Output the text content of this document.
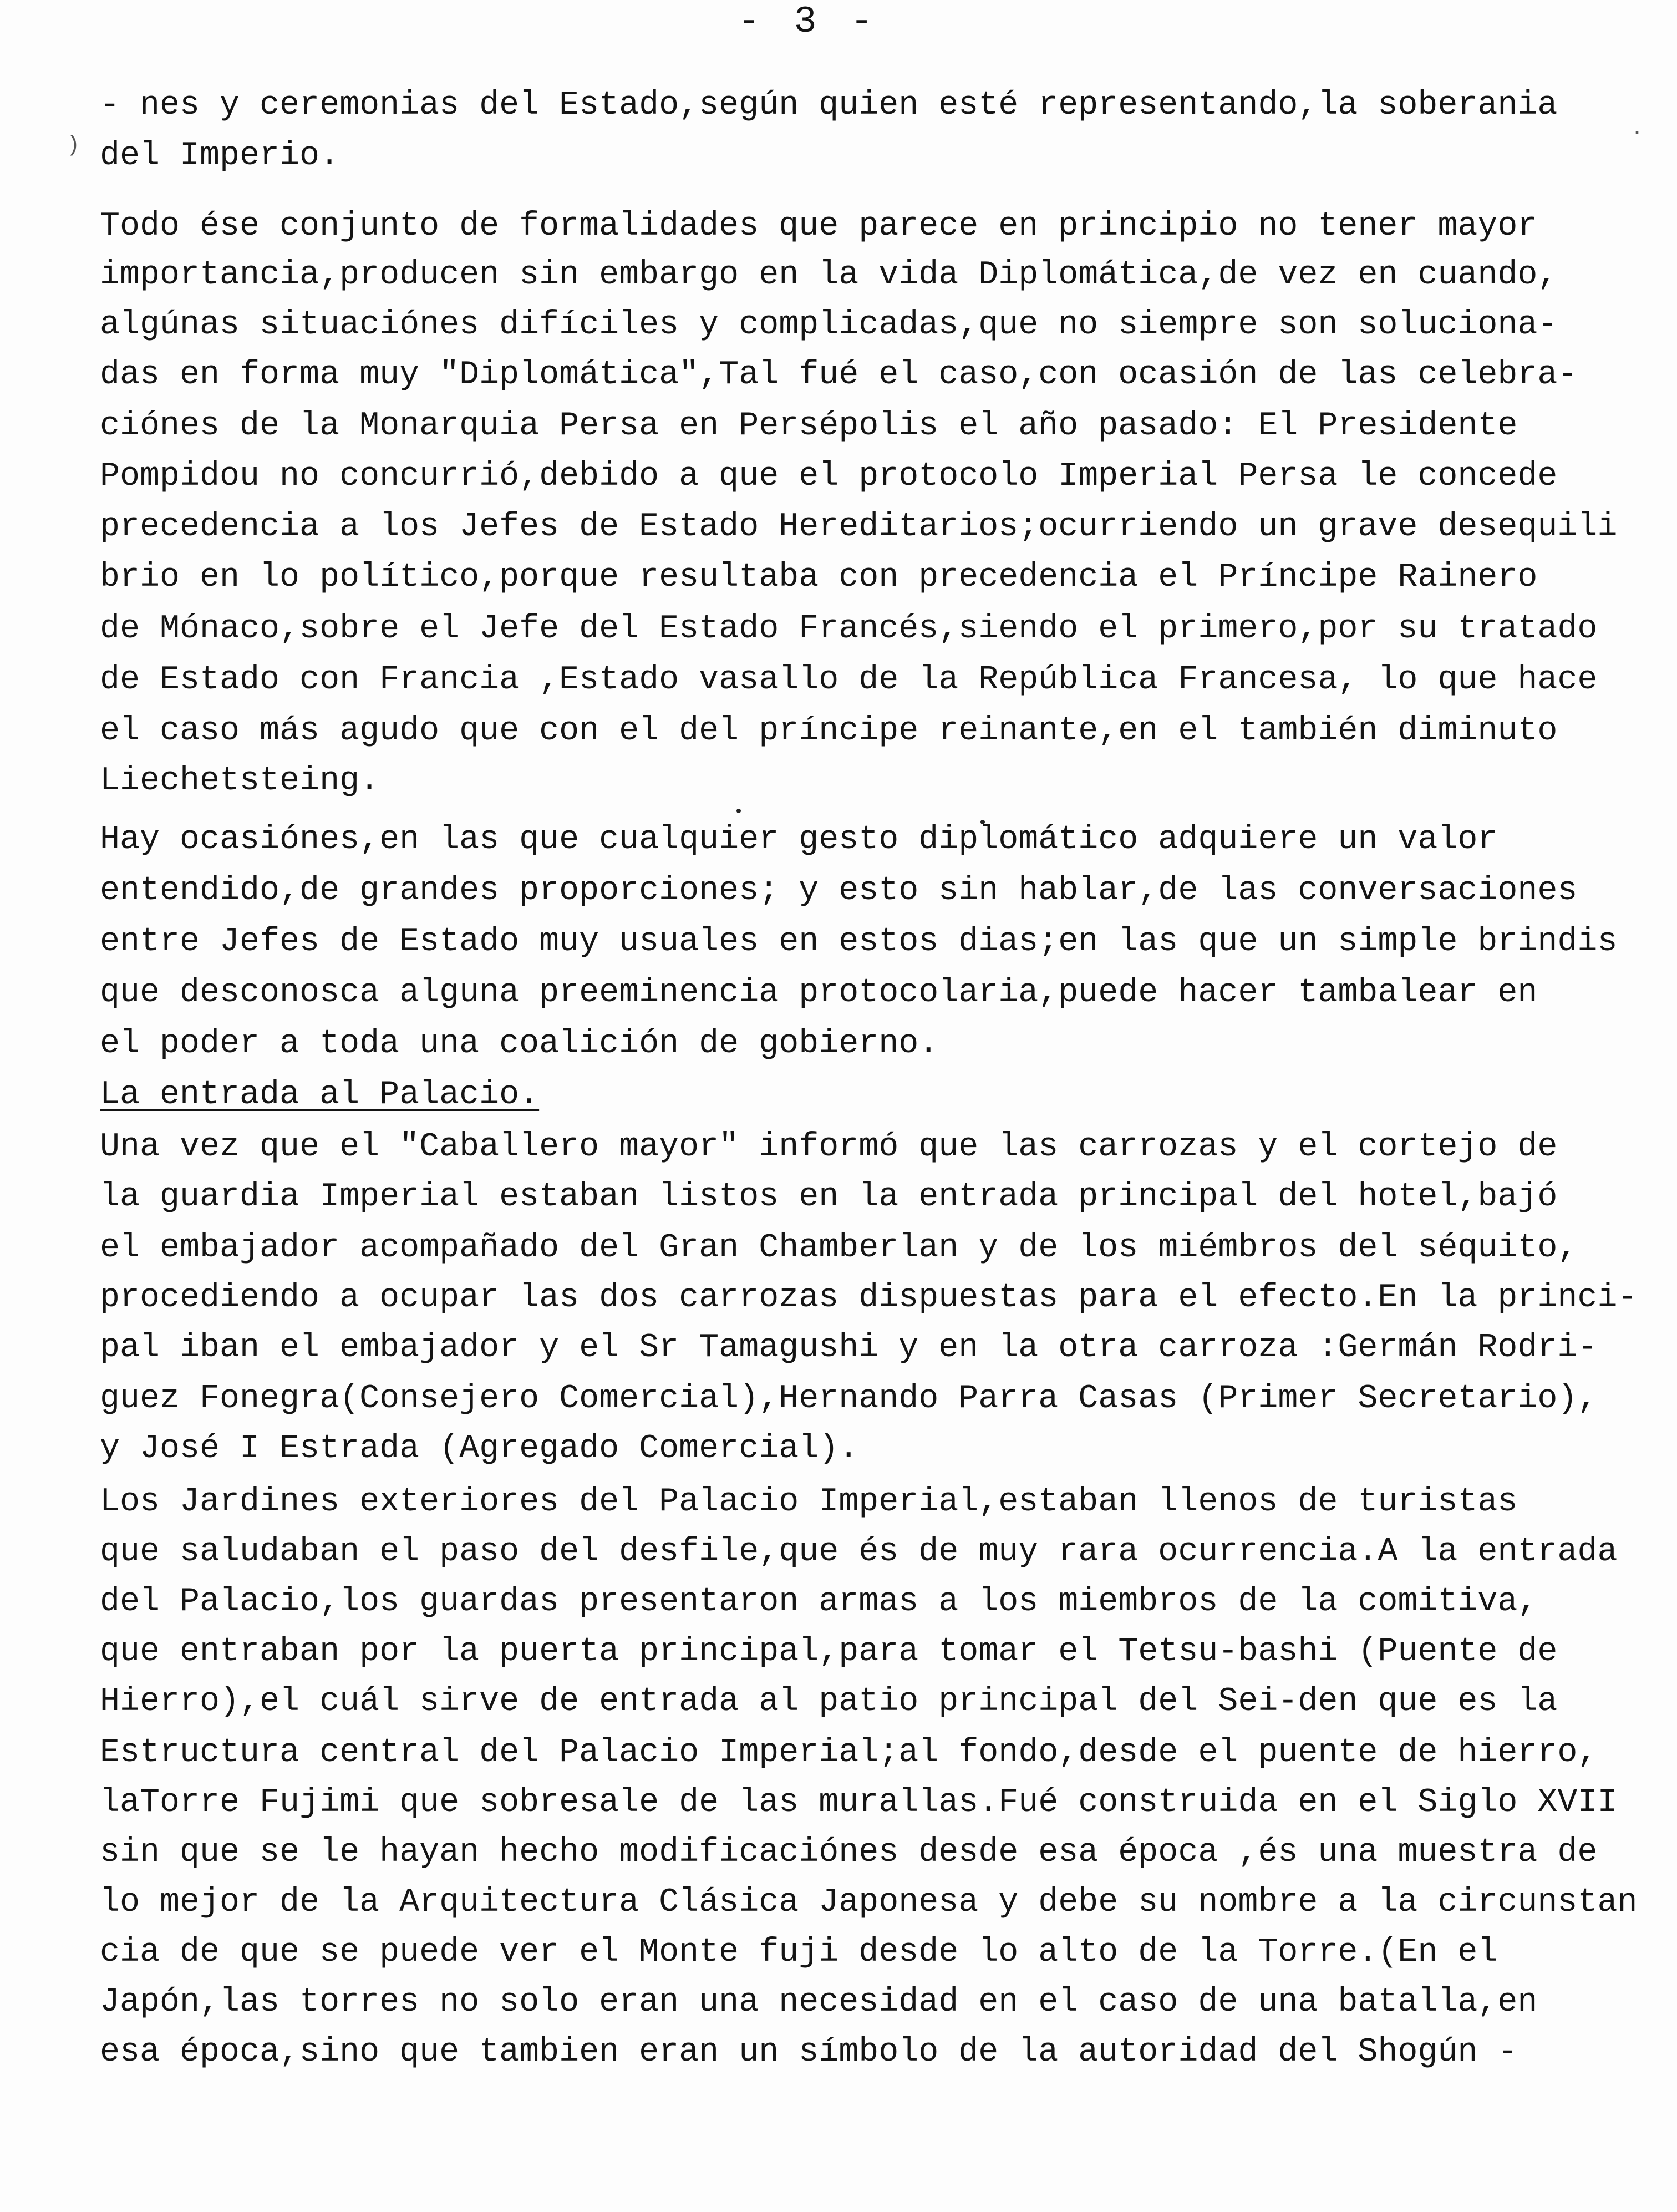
- 3 -
.
)
- nes y ceremonias del Estado,según quien esté representando,la soberania
del Imperio.
Todo ése conjunto de formalidades que parece en principio no tener mayor
importancia,producen sin embargo en la vida Diplomática,de vez en cuando,
algúnas situaciónes difíciles y complicadas,que no siempre son soluciona-
das en forma muy "Diplomática",Tal fué el caso,con ocasión de las celebra-
ciónes de la Monarquia Persa en Persépolis el año pasado: El Presidente
Pompidou no concurrió,debido a que el protocolo Imperial Persa le concede
precedencia a los Jefes de Estado Hereditarios;ocurriendo un grave desequili
brio en lo político,porque resultaba con precedencia el Príncipe Rainero
de Mónaco,sobre el Jefe del Estado Francés,siendo el primero,por su tratado
de Estado con Francia ,Estado vasallo de la República Francesa, lo que hace
el caso más agudo que con el del príncipe reinante,en el también diminuto
Liechetsteing.
Hay ocasiónes,en las que cualquier gesto diplomático adquiere un valor
entendido,de grandes proporciones; y esto sin hablar,de las conversaciones
entre Jefes de Estado muy usuales en estos dias;en las que un simple brindis
que desconosca alguna preeminencia protocolaria,puede hacer tambalear en
el poder a toda una coalición de gobierno.
La entrada al Palacio.
Una vez que el "Caballero mayor" informó que las carrozas y el cortejo de
la guardia Imperial estaban listos en la entrada principal del hotel,bajó
el embajador acompañado del Gran Chamberlan y de los miémbros del séquito,
procediendo a ocupar las dos carrozas dispuestas para el efecto.En la princi-
pal iban el embajador y el Sr Tamagushi y en la otra carroza :Germán Rodri-
guez Fonegra(Consejero Comercial),Hernando Parra Casas (Primer Secretario),
y José I Estrada (Agregado Comercial).
Los Jardines exteriores del Palacio Imperial,estaban llenos de turistas
que saludaban el paso del desfile,que és de muy rara ocurrencia.A la entrada
del Palacio,los guardas presentaron armas a los miembros de la comitiva,
que entraban por la puerta principal,para tomar el Tetsu-bashi (Puente de
Hierro),el cuál sirve de entrada al patio principal del Sei-den que es la
Estructura central del Palacio Imperial;al fondo,desde el puente de hierro,
laTorre Fujimi que sobresale de las murallas.Fué construida en el Siglo XVII
sin que se le hayan hecho modificaciónes desde esa época ,és una muestra de
lo mejor de la Arquitectura Clásica Japonesa y debe su nombre a la circunstan
cia de que se puede ver el Monte fuji desde lo alto de la Torre.(En el
Japón,las torres no solo eran una necesidad en el caso de una batalla,en
esa época,sino que tambien eran un símbolo de la autoridad del Shogún -
